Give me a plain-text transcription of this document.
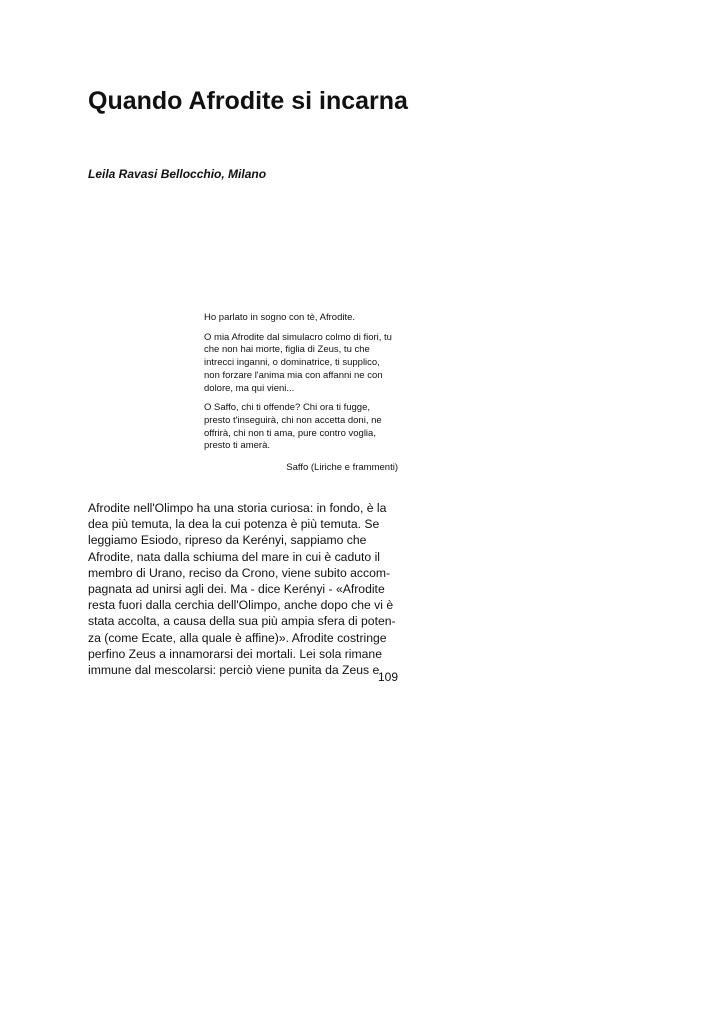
Quando Afrodite si incarna

Leila Ravasi Bellocchio, Milano

Ho parlato in sogno con tè, Afrodite.

O mia Afrodite dal simulacro colmo di fiori, tu che non hai morte, figlia di Zeus, tu che intrecci inganni, o dominatrice, ti supplico, non forzare l'anima mia con affanni ne con dolore, ma qui vieni...

O Saffo, chi ti offende? Chi ora ti fugge, presto t'inseguirà, chi non accetta doni, ne offrirà, chi non ti ama, pure contro voglia, presto ti amerà.

Saffo (Liriche e frammenti)

Afrodite nell'Olimpo ha una storia curiosa: in fondo, è la
dea più temuta, la dea la cui potenza è più temuta. Se
leggiamo Esiodo, ripreso da Kerényi, sappiamo che
Afrodite, nata dalla schiuma del mare in cui è caduto il
membro di Urano, reciso da Crono, viene subito accom-
pagnata ad unirsi agli dei. Ma - dice Kerényi - «Afrodite
resta fuori dalla cerchia dell'Olimpo, anche dopo che vi è
stata accolta, a causa della sua più ampia sfera di poten-
za (come Ecate, alla quale è affine)». Afrodite costringe
perfino Zeus a innamorarsi dei mortali. Lei sola rimane
immune dal mescolarsi: perciò viene punita da Zeus e

109
